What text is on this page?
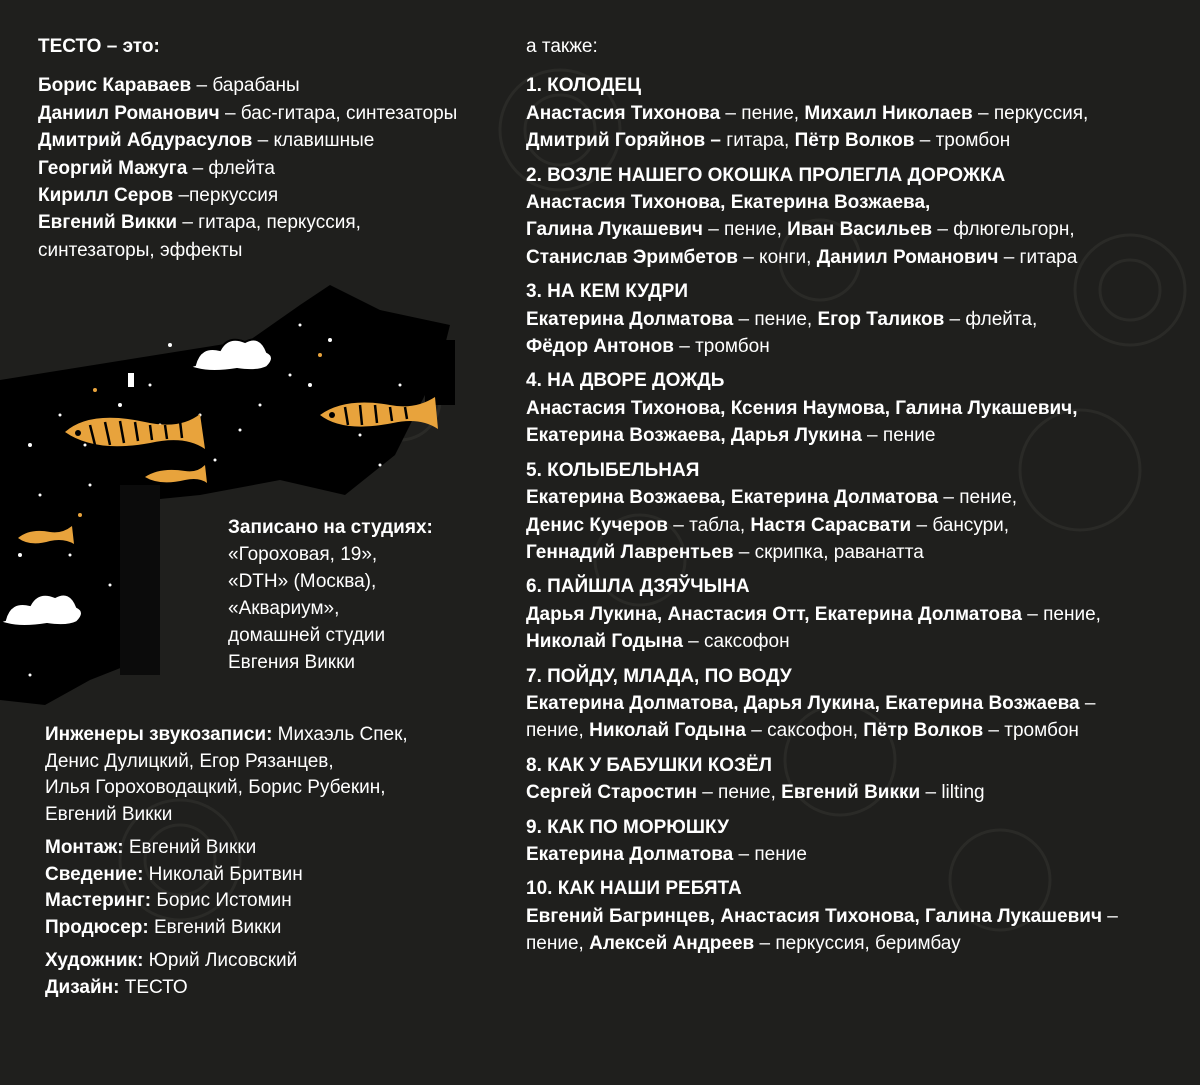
ТЕСТО – это:
Борис Караваев – барабаны
Даниил Романович – бас-гитара, синтезаторы
Дмитрий Абдурасулов – клавишные
Георгий Мажуга – флейта
Кирилл Серов –перкуссия
Евгений Викки – гитара, перкуссия,
синтезаторы, эффекты
Записано на студиях:
«Гороховая, 19»,
«DTH» (Москва),
«Аквариум»,
домашней студии
Евгения Викки
Инженеры звукозаписи: Михаэль Спек,
Денис Дулицкий, Егор Рязанцев,
Илья Гороховодацкий, Борис Рубекин,
Евгений Викки
Монтаж: Евгений Викки
Сведение: Николай Бритвин
Мастеринг: Борис Истомин
Продюсер: Евгений Викки
Художник: Юрий Лисовский
Дизайн: ТЕСТО
а также:
1. КОЛОДЕЦ
Анастасия Тихонова – пение, Михаил Николаев – перкуссия,
Дмитрий Горяйнов – гитара, Пётр Волков – тромбон
2. ВОЗЛЕ НАШЕГО ОКОШКА ПРОЛЕГЛА ДОРОЖКА
Анастасия Тихонова, Екатерина Возжаева,
Галина Лукашевич – пение, Иван Васильев – флюгельгорн,
Станислав Эримбетов – конги, Даниил Романович – гитара
3. НА КЕМ КУДРИ
Екатерина Долматова – пение, Егор Таликов – флейта,
Фёдор Антонов – тромбон
4. НА ДВОРЕ ДОЖДЬ
Анастасия Тихонова, Ксения Наумова, Галина Лукашевич,
Екатерина Возжаева, Дарья Лукина – пение
5. КОЛЫБЕЛЬНАЯ
Екатерина Возжаева, Екатерина Долматова – пение,
Денис Кучеров – табла, Настя Сарасвати – бансури,
Геннадий Лаврентьев – скрипка, раванатта
6. ПАЙШЛА ДЗЯЎЧЫНА
Дарья Лукина, Анастасия Отт, Екатерина Долматова – пение,
Николай Годына – саксофон
7. ПОЙДУ, МЛАДА, ПО ВОДУ
Екатерина Долматова, Дарья Лукина, Екатерина Возжаева –
пение, Николай Годына – саксофон, Пётр Волков – тромбон
8. КАК У БАБУШКИ КОЗЁЛ
Сергей Старостин – пение, Евгений Викки – lilting
9. КАК ПО МОРЮШКУ
Екатерина Долматова – пение
10. КАК НАШИ РЕБЯТА
Евгений Багринцев, Анастасия Тихонова, Галина Лукашевич –
пение, Алексей Андреев – перкуссия, беримбау
